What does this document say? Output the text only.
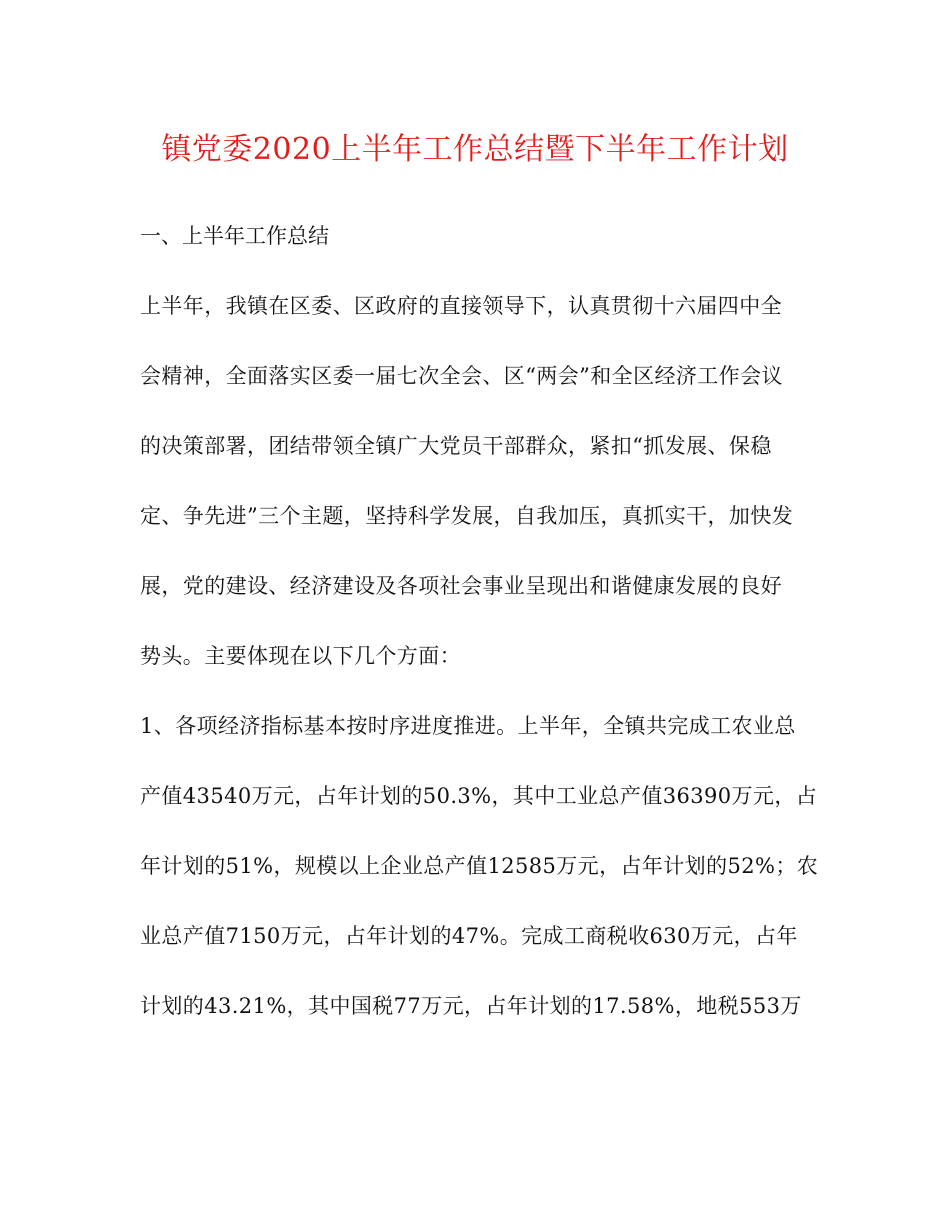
镇党委2020上半年工作总结暨下半年工作计划
一、上半年工作总结
上半年，我镇在区委、区政府的直接领导下，认真贯彻十六届四中全
会精神，全面落实区委一届七次全会、区“两会”和全区经济工作会议
的决策部署，团结带领全镇广大党员干部群众，紧扣“抓发展、保稳
定、争先进”三个主题，坚持科学发展，自我加压，真抓实干，加快发
展，党的建设、经济建设及各项社会事业呈现出和谐健康发展的良好
势头。主要体现在以下几个方面：
1、各项经济指标基本按时序进度推进。上半年，全镇共完成工农业总
产值43540万元，占年计划的50.3%，其中工业总产值36390万元，占
年计划的51%，规模以上企业总产值12585万元，占年计划的52%；农
业总产值7150万元，占年计划的47%。完成工商税收630万元，占年
计划的43.21%，其中国税77万元，占年计划的17.58%，地税553万
